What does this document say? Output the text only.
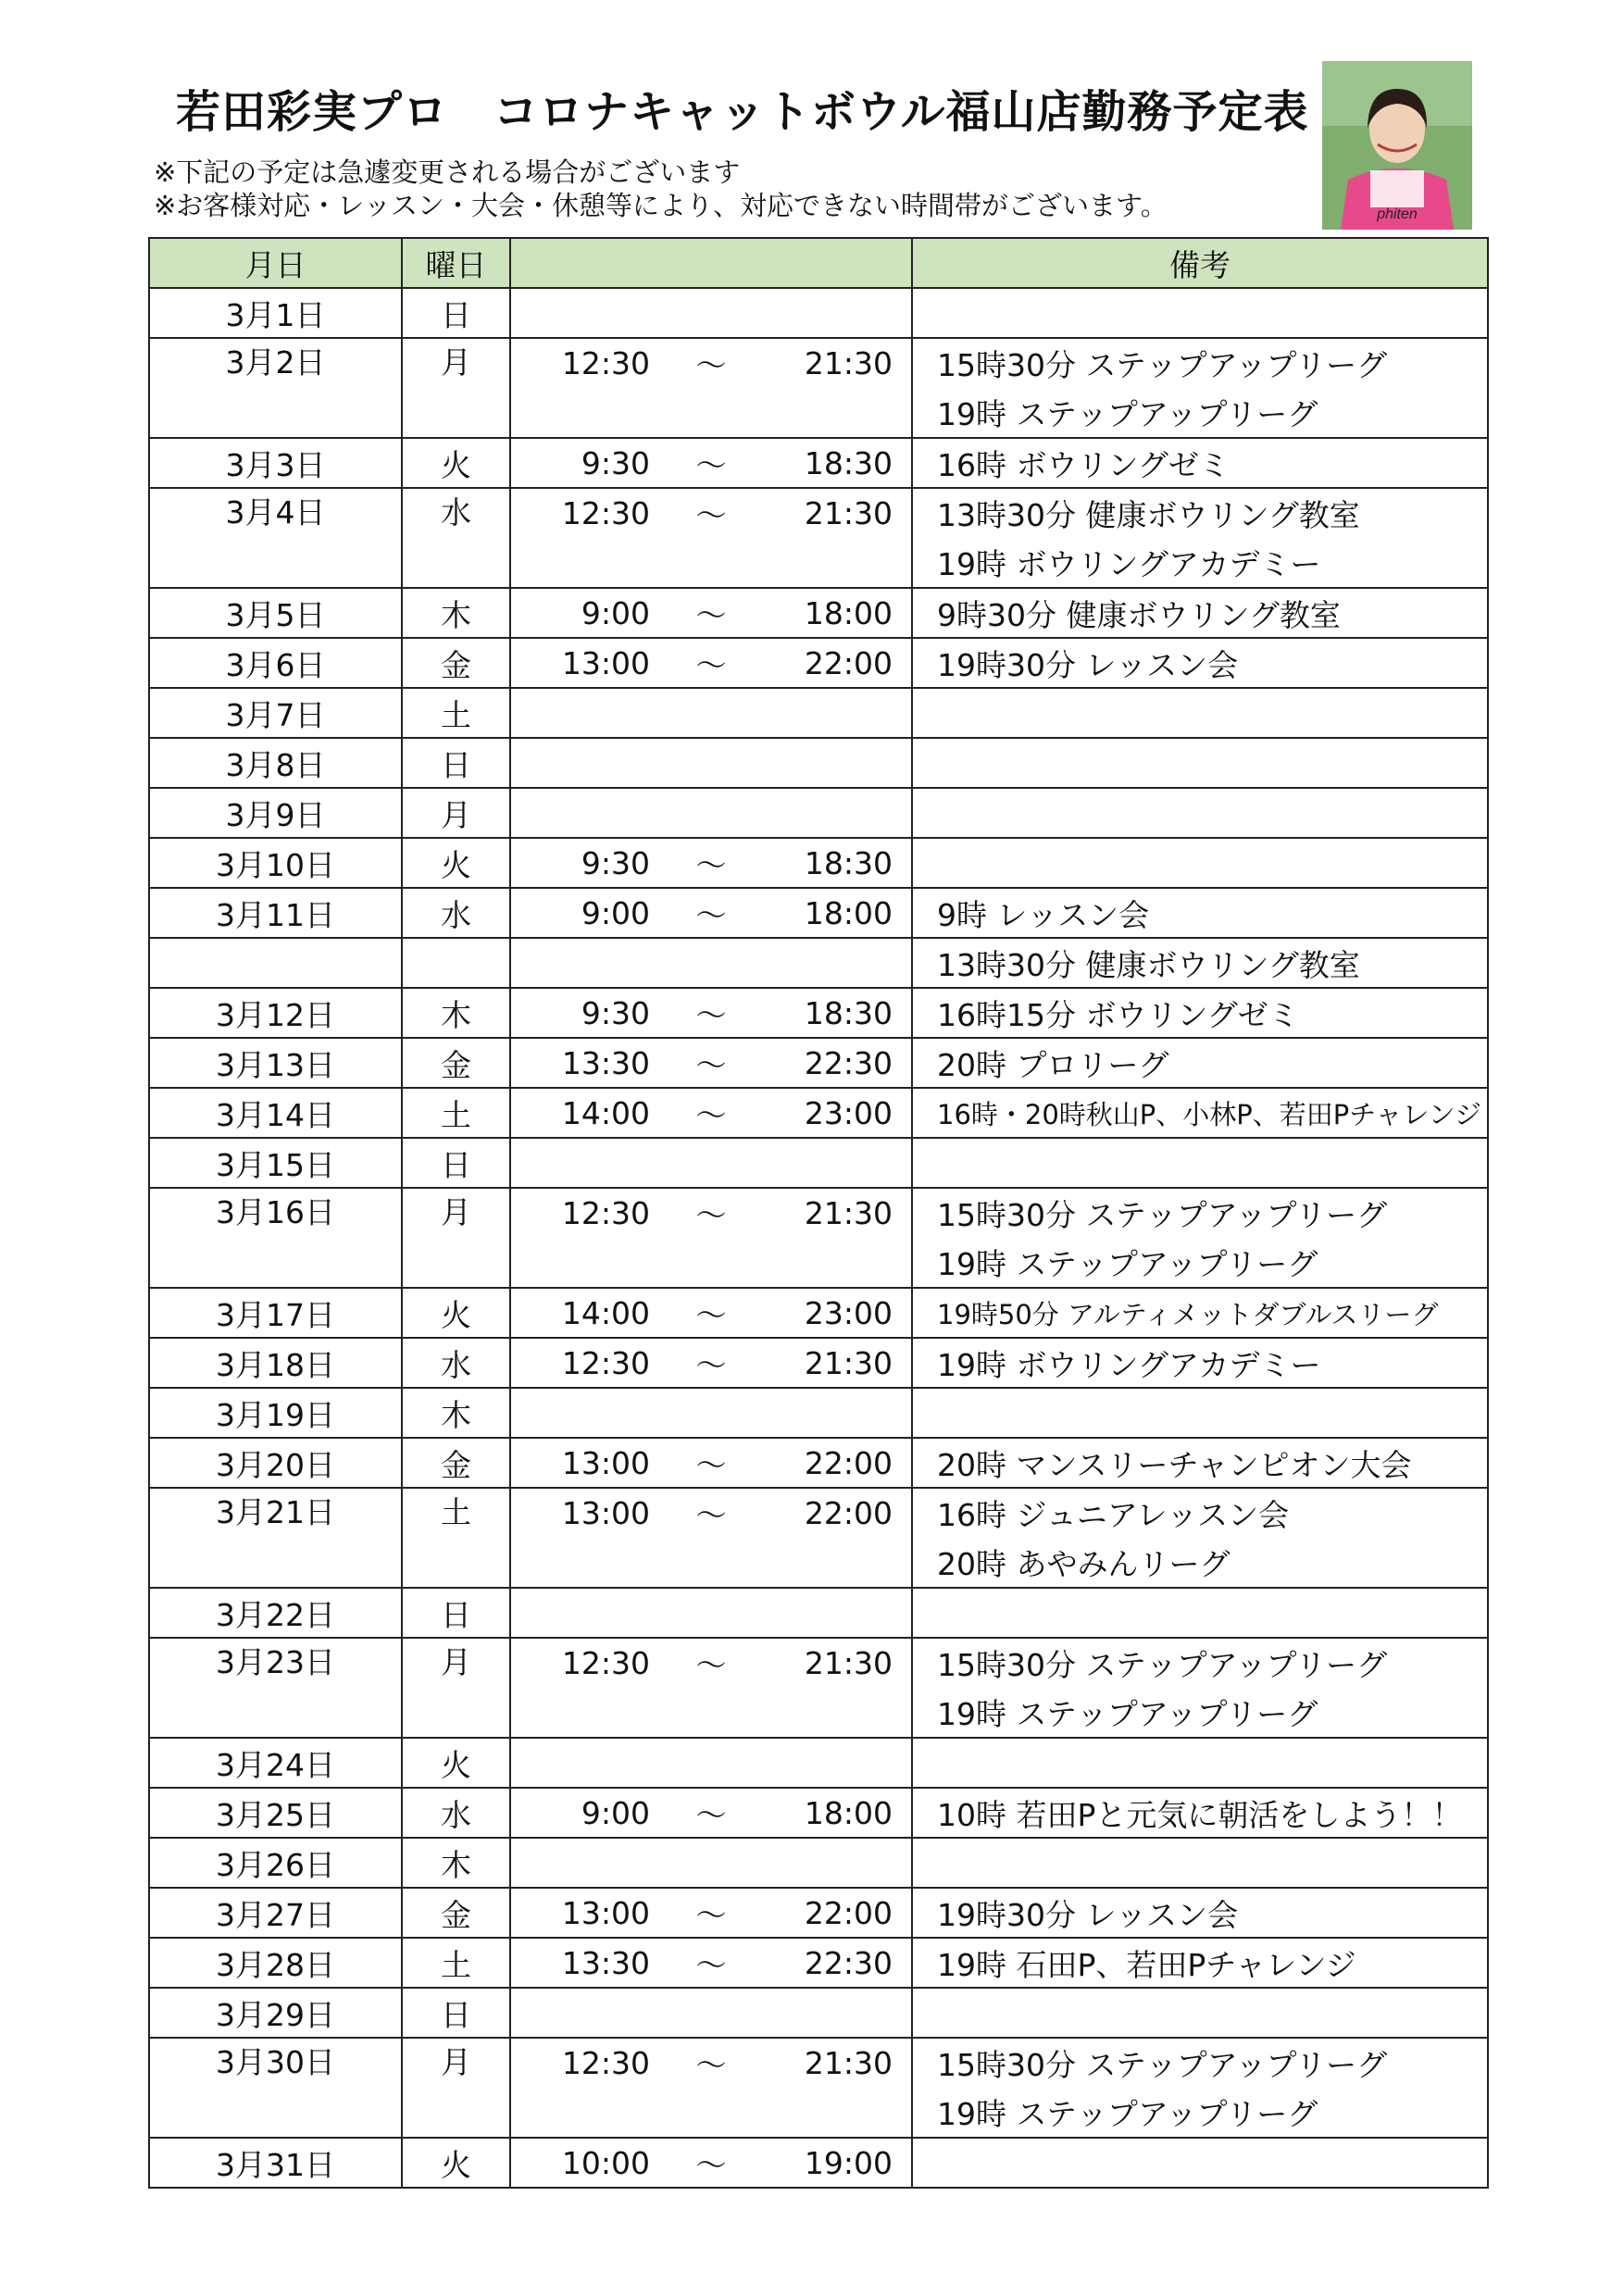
若田彩実プロ　コロナキャットボウル福山店勤務予定表
※下記の予定は急遽変更される場合がございます
※お客様対応・レッスン・大会・休憩等により、対応できない時間帯がございます。	phiten
月日	曜日		備考
3月1日	日		
3月2日	月	12:30 ～ 21:30	15時30分 ステップアップリーグ
			19時 ステップアップリーグ
3月3日	火	9:30 ～ 18:30	16時 ボウリングゼミ
3月4日	水	12:30 ～ 21:30	13時30分 健康ボウリング教室
			19時 ボウリングアカデミー
3月5日	木	9:00 ～ 18:00	9時30分 健康ボウリング教室
3月6日	金	13:00 ～ 22:00	19時30分 レッスン会
3月7日	土		
3月8日	日		
3月9日	月		
3月10日	火	9:30 ～ 18:30	

3月11日	水	9:00 ～ 18:00	9時 レッスン会
			13時30分 健康ボウリング教室
3月12日	木	9:30 ～ 18:30	16時15分 ボウリングゼミ
3月13日	金	13:30 ～ 22:30	20時 プロリーグ
3月14日	土	14:00 ～ 23:00	16時・20時秋山P、小林P、若田Pチャレンジ
3月15日	日		
3月16日	月	12:30 ～ 21:30	15時30分 ステップアップリーグ
			19時 ステップアップリーグ
3月17日	火	14:00 ～ 23:00	19時50分 アルティメットダブルスリーグ
3月18日	水	12:30 ～ 21:30	19時 ボウリングアカデミー
3月19日	木		
3月20日	金	13:00 ～ 22:00	20時 マンスリーチャンピオン大会
3月21日	土	13:00 ～ 22:00	16時 ジュニアレッスン会
			20時 あやみんリーグ
3月22日	日		
3月23日	月	12:30 ～ 21:30	15時30分 ステップアップリーグ
			19時 ステップアップリーグ
3月24日	火		
3月25日	水	9:00 ～ 18:00	10時 若田Pと元気に朝活をしよう！！
3月26日	木		
3月27日	金	13:00 ～ 22:00	19時30分 レッスン会
3月28日	土	13:30 ～ 22:30	19時 石田P、若田Pチャレンジ
3月29日	日		
3月30日	月	12:30 ～ 21:30	15時30分 ステップアップリーグ
			19時 ステップアップリーグ
3月31日	火	10:00 ～ 19:00	
